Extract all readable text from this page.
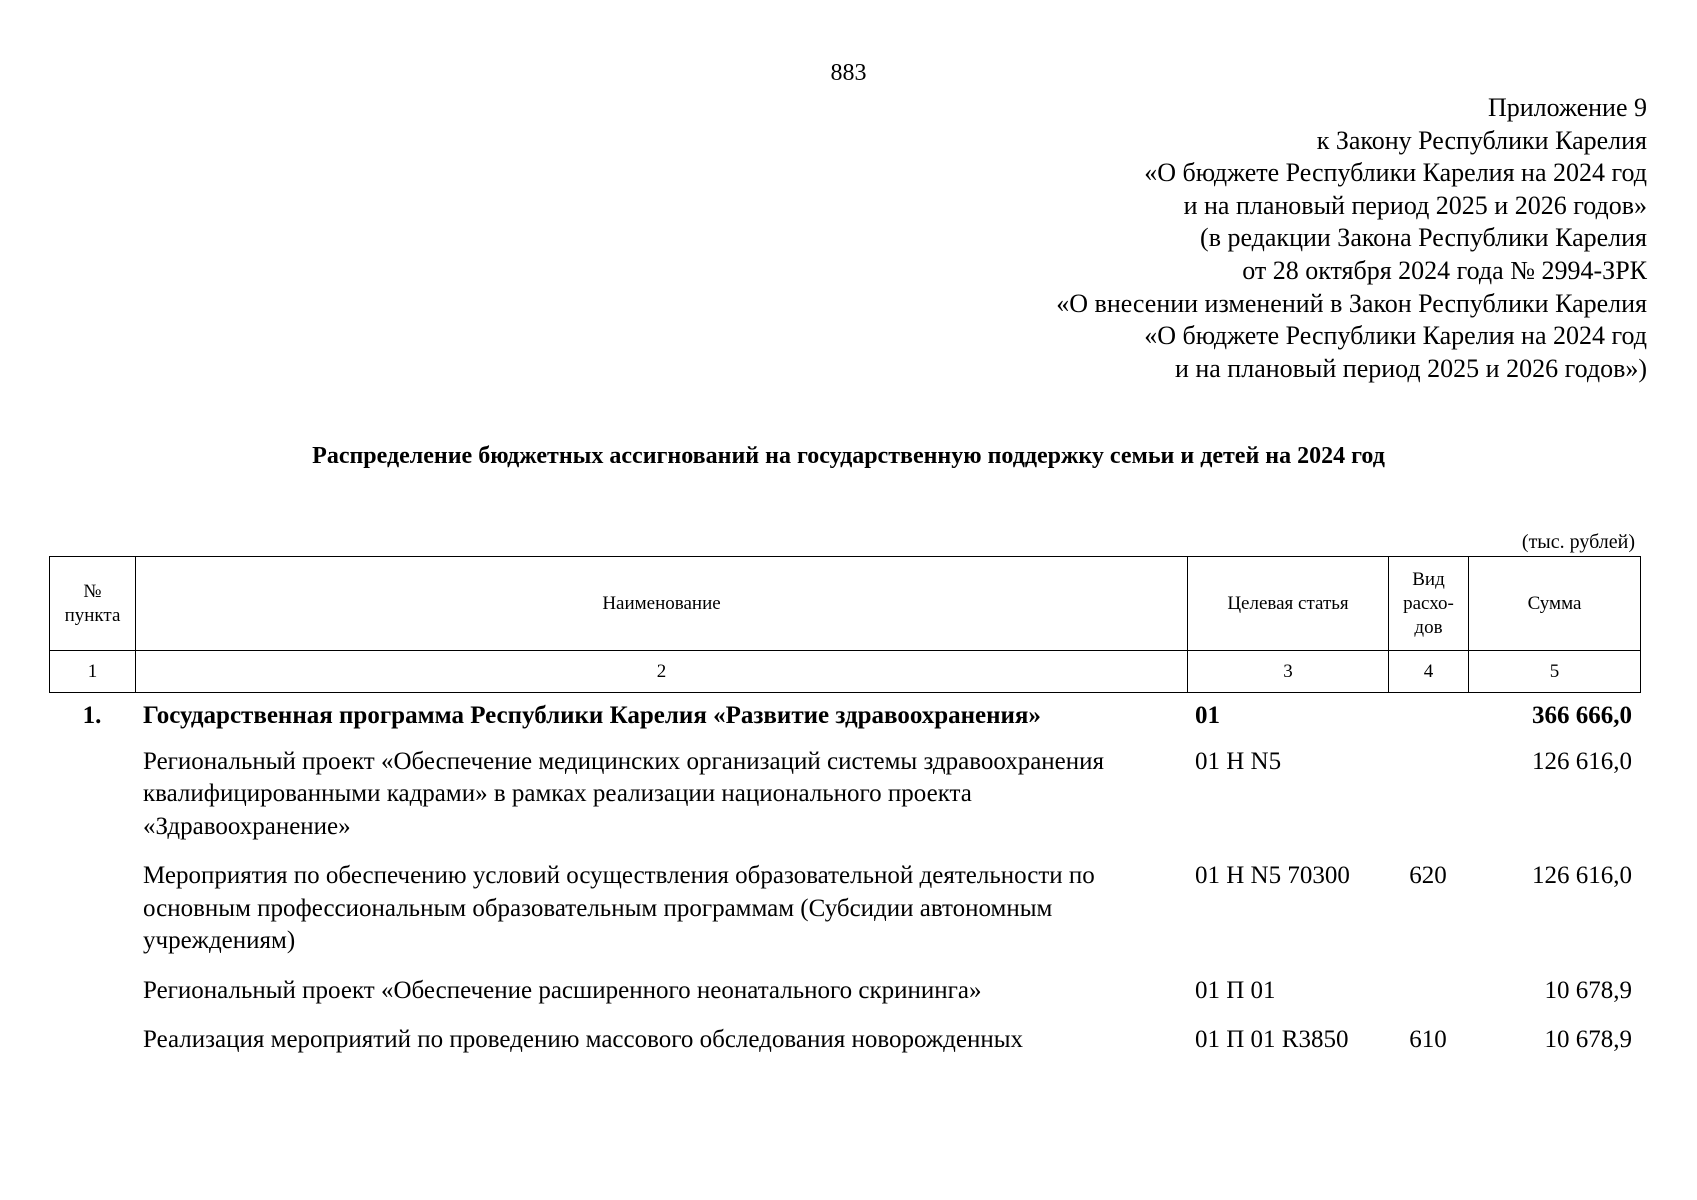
883
Приложение 9
к Закону Республики Карелия
«О бюджете Республики Карелия на 2024 год
и на плановый период 2025 и 2026 годов»
(в редакции Закона Республики Карелия
от 28 октября 2024 года № 2994-ЗРК
«О внесении изменений в Закон Республики Карелия
«О бюджете Республики Карелия на 2024 год
и на плановый период 2025 и 2026 годов»)
Распределение бюджетных ассигнований на государственную поддержку семьи и детей на 2024 год
(тыс. рублей)
№ пункта	Наименование	Целевая статья	Вид расхо-дов	Сумма
1	2	3	4	5
1.	Государственная программа Республики Карелия «Развитие здравоохранения»	01		366 666,0
	Региональный проект «Обеспечение медицинских организаций системы здравоохранения квалифицированными кадрами» в рамках реализации национального проекта «Здравоохранение»	01 Н N5		126 616,0
	Мероприятия по обеспечению условий осуществления образовательной деятельности по основным профессиональным образовательным программам (Субсидии автономным учреждениям)	01 Н N5 70300	620	126 616,0
	Региональный проект «Обеспечение расширенного неонатального скрининга»	01 П 01		10 678,9
	Реализация мероприятий по проведению массового обследования новорожденных	01 П 01 R3850	610	10 678,9
